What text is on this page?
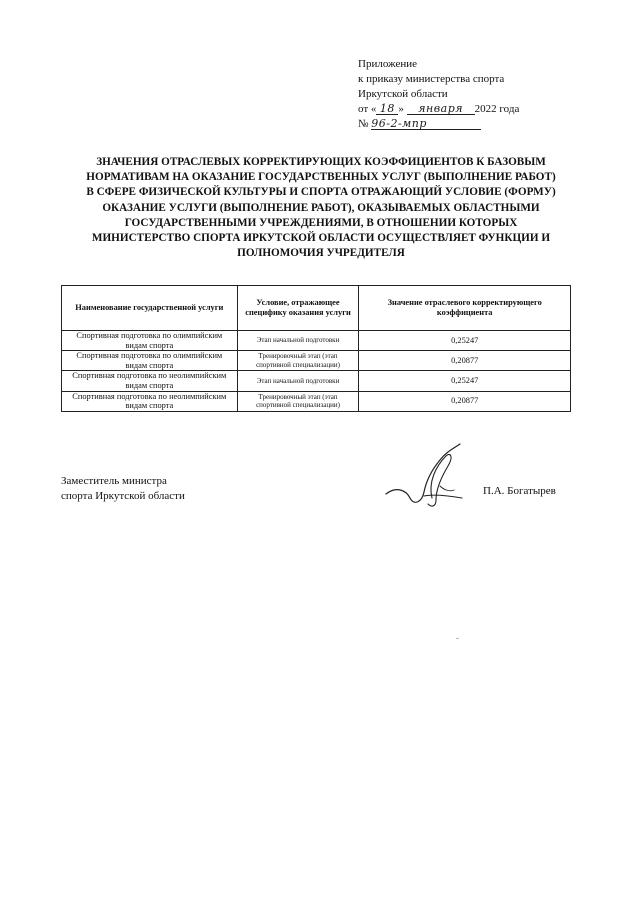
Приложение
к приказу министерства спорта
Иркутской области
от « 18 » января 2022 года
№ 96-2-мпр
ЗНАЧЕНИЯ ОТРАСЛЕВЫХ КОРРЕКТИРУЮЩИХ КОЭФФИЦИЕНТОВ К БАЗОВЫМ НОРМАТИВАМ НА ОКАЗАНИЕ ГОСУДАРСТВЕННЫХ УСЛУГ (ВЫПОЛНЕНИЕ РАБОТ) В СФЕРЕ ФИЗИЧЕСКОЙ КУЛЬТУРЫ И СПОРТА ОТРАЖАЮЩИЙ УСЛОВИЕ (ФОРМУ) ОКАЗАНИЕ УСЛУГИ (ВЫПОЛНЕНИЕ РАБОТ), ОКАЗЫВАЕМЫХ ОБЛАСТНЫМИ ГОСУДАРСТВЕННЫМИ УЧРЕЖДЕНИЯМИ, В ОТНОШЕНИИ КОТОРЫХ МИНИСТЕРСТВО СПОРТА ИРКУТСКОЙ ОБЛАСТИ ОСУЩЕСТВЛЯЕТ ФУНКЦИИ И ПОЛНОМОЧИЯ УЧРЕДИТЕЛЯ
Наименование государственной услуги	Условие, отражающее специфику оказания услуги	Значение отраслевого корректирующего коэффициента
Спортивная подготовка по олимпийским видам спорта	Этап начальной подготовки	0,25247
Спортивная подготовка по олимпийским видам спорта	Тренировочный этап (этап спортивной специализации)	0,20877
Спортивная подготовка по неолимпийским видам спорта	Этап начальной подготовки	0,25247
Спортивная подготовка по неолимпийским видам спорта	Тренировочный этап (этап спортивной специализации)	0,20877
Заместитель министра
спорта Иркутской области	П.А. Богатырев
